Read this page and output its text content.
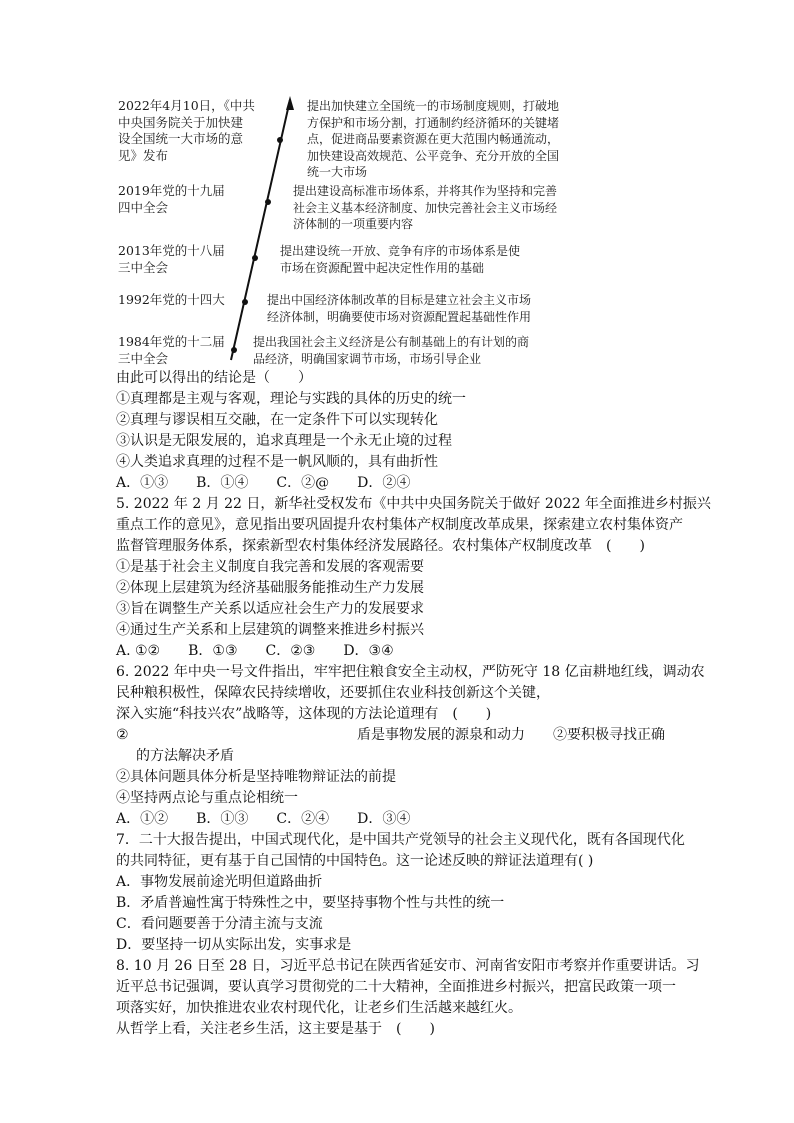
2022年4月10日，《中共
中央国务院关于加快建
设全国统一大市场的意
见》发布
2019年党的十九届
四中全会
2013年党的十八届
三中全会
1992年党的十四大
1984年党的十二届
三中全会
提出加快建立全国统一的市场制度规则，打破地
方保护和市场分割，打通制约经济循环的关键堵
点，促进商品要素资源在更大范围内畅通流动，
加快建设高效规范、公平竞争、充分开放的全国
统一大市场
提出建设高标准市场体系，并将其作为坚持和完善
社会主义基本经济制度、加快完善社会主义市场经
济体制的一项重要内容
提出建设统一开放、竞争有序的市场体系是使
市场在资源配置中起决定性作用的基础
提出中国经济体制改革的目标是建立社会主义市场
经济体制，明确要使市场对资源配置起基础性作用
提出我国社会主义经济是公有制基础上的有计划的商
品经济，明确国家调节市场，市场引导企业
由此可以得出的结论是（　　）
①真理都是主观与客观，理论与实践的具体的历史的统一
②真理与谬误相互交融，在一定条件下可以实现转化
③认识是无限发展的，追求真理是一个永无止境的过程
④人类追求真理的过程不是一帆风顺的，具有曲折性
A．①③　　B．①④　　C．②@　　D．②④
5. 2022 年 2 月 22 日，新华社受权发布《中共中央国务院关于做好 2022 年全面推进乡村振兴
重点工作的意见》，意见指出要巩固提升农村集体产权制度改革成果，探索建立农村集体资产
监督管理服务体系，探索新型农村集体经济发展路径。农村集体产权制度改革　(　　)
①是基于社会主义制度自我完善和发展的客观需要
②体现上层建筑为经济基础服务能推动生产力发展
③旨在调整生产关系以适应社会生产力的发展要求
④通过生产关系和上层建筑的调整来推进乡村振兴
A. ①②　　B．①③　　C．②③　　D．③④
6. 2022 年中央一号文件指出，牢牢把住粮食安全主动权，严防死守 18 亿亩耕地红线，调动农
民种粮积极性，保障农民持续增收，还要抓住农业科技创新这个关键，
深入实施“科技兴农”战略等，这体现的方法论道理有　(　　)
②	盾是事物发展的源泉和动力 ②要积极寻找正确
的方法解决矛盾
②具体问题具体分析是坚持唯物辩证法的前提
④坚持两点论与重点论相统一
A．①②　　B．①③　　C．②④　　D．③④
7．二十大报告提出，中国式现代化，是中国共产党领导的社会主义现代化，既有各国现代化
的共同特征，更有基于自己国情的中国特色。这一论述反映的辩证法道理有( )
A．事物发展前途光明但道路曲折
B．矛盾普遍性寓于特殊性之中，要坚持事物个性与共性的统一
C．看问题要善于分清主流与支流
D．要坚持一切从实际出发，实事求是
8. 10 月 26 日至 28 日，习近平总书记在陕西省延安市、河南省安阳市考察并作重要讲话。习
近平总书记强调，要认真学习贯彻党的二十大精神，全面推进乡村振兴，把富民政策一项一
项落实好，加快推进农业农村现代化，让老乡们生活越来越红火。
从哲学上看，关注老乡生活，这主要是基于　(　　)
